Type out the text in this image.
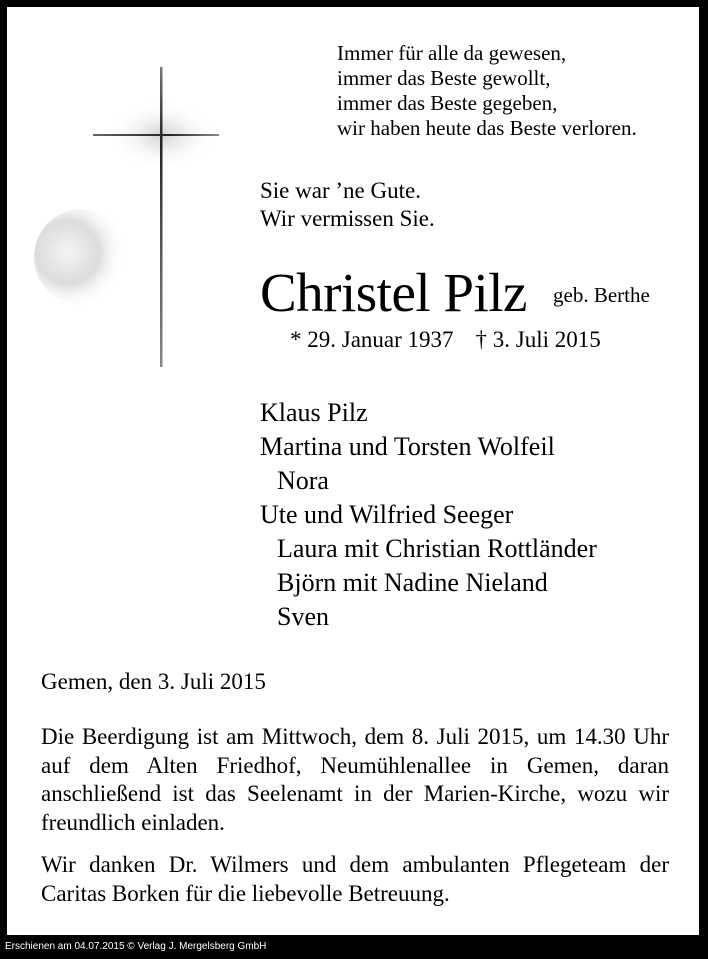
Immer für alle da gewesen,
immer das Beste gewollt,
immer das Beste gegeben,
wir haben heute das Beste verloren.
Sie war ’ne Gute.
Wir vermissen Sie.
Christel Pilz geb. Berthe
* 29. Januar 1937 † 3. Juli 2015
Klaus Pilz
Martina und Torsten Wolfeil
Nora
Ute und Wilfried Seeger
Laura mit Christian Rottländer
Björn mit Nadine Nieland
Sven
Gemen, den 3. Juli 2015

Die Beerdigung ist am Mittwoch, dem 8. Juli 2015, um 14.30 Uhr auf dem Alten Friedhof, Neumühlenallee in Gemen, daran anschließend ist das Seelenamt in der Marien-Kirche, wozu wir freundlich einladen.

Wir danken Dr. Wilmers und dem ambulanten Pflegeteam der Caritas Borken für die liebevolle Betreuung.

Erschienen am 04.07.2015 © Verlag J. Mergelsberg GmbH
